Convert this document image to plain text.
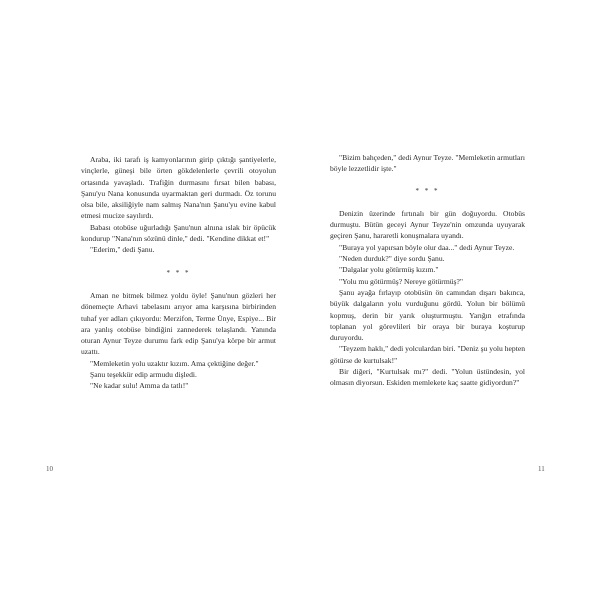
Araba, iki tarafı iş kamyonlarının girip çıktığı şantiyelerle, vinçlerle, güneşi bile örten gökdelenlerle çevrili otoyolun ortasında yavaşladı. Trafiğin durmasını fırsat bilen babası, Şanu'yu Nana konusunda uyarmaktan geri durmadı. Öz torunu olsa bile, aksiliğiyle nam salmış Nana'nın Şanu'yu evine kabul etmesi mucize sayılırdı.

Babası otobüse uğurladığı Şanu'nun alnına ıslak bir öpücük kondurup "Nana'nın sözünü dinle," dedi. "Kendine dikkat et!"

"Ederim," dedi Şanu.

* * *

Aman ne bitmek bilmez yoldu öyle! Şanu'nun gözleri her dönemeçte Arhavi tabelasını arıyor ama karşısına birbirinden tuhaf yer adları çıkıyordu: Merzifon, Terme Ünye, Espiye... Bir ara yanlış otobüse bindiğini zannederek telaşlandı. Yanında oturan Aynur Teyze durumu fark edip Şanu'ya körpe bir armut uzattı.

"Memleketin yolu uzaktır kızım. Ama çektiğine değer."

Şanu teşekkür edip armudu dişledi.

"Ne kadar sulu! Amma da tatlı!"

10

"Bizim bahçeden," dedi Aynur Teyze. "Memleketin armutları böyle lezzetlidir işte."

* * *

Denizin üzerinde fırtınalı bir gün doğuyordu. Otobüs durmuştu. Bütün geceyi Aynur Teyze'nin omzunda uyuyarak geçiren Şanu, hararetli konuşmalara uyandı.

"Buraya yol yapırsan böyle olur daa..." dedi Aynur Teyze.

"Neden durduk?" diye sordu Şanu.

"Dalgalar yolu götürmüş kızım."

"Yolu mu götürmüş? Nereye götürmüş?"

Şanu ayağa fırlayıp otobüsün ön camından dışarı bakınca, büyük dalgaların yolu vurduğunu gördü. Yolun bir bölümü kopmuş, derin bir yarık oluşturmuştu. Yarığın etrafında toplanan yol görevlileri bir oraya bir buraya koşturup duruyordu.

"Teyzem haklı," dedi yolculardan biri. "Deniz şu yolu hepten götürse de kurtulsak!"

Bir diğeri, "Kurtulsak mı?" dedi. "Yolun üstündesin, yol olmasın diyorsun. Eskiden memlekete kaç saatte gidiyordun?"

11
